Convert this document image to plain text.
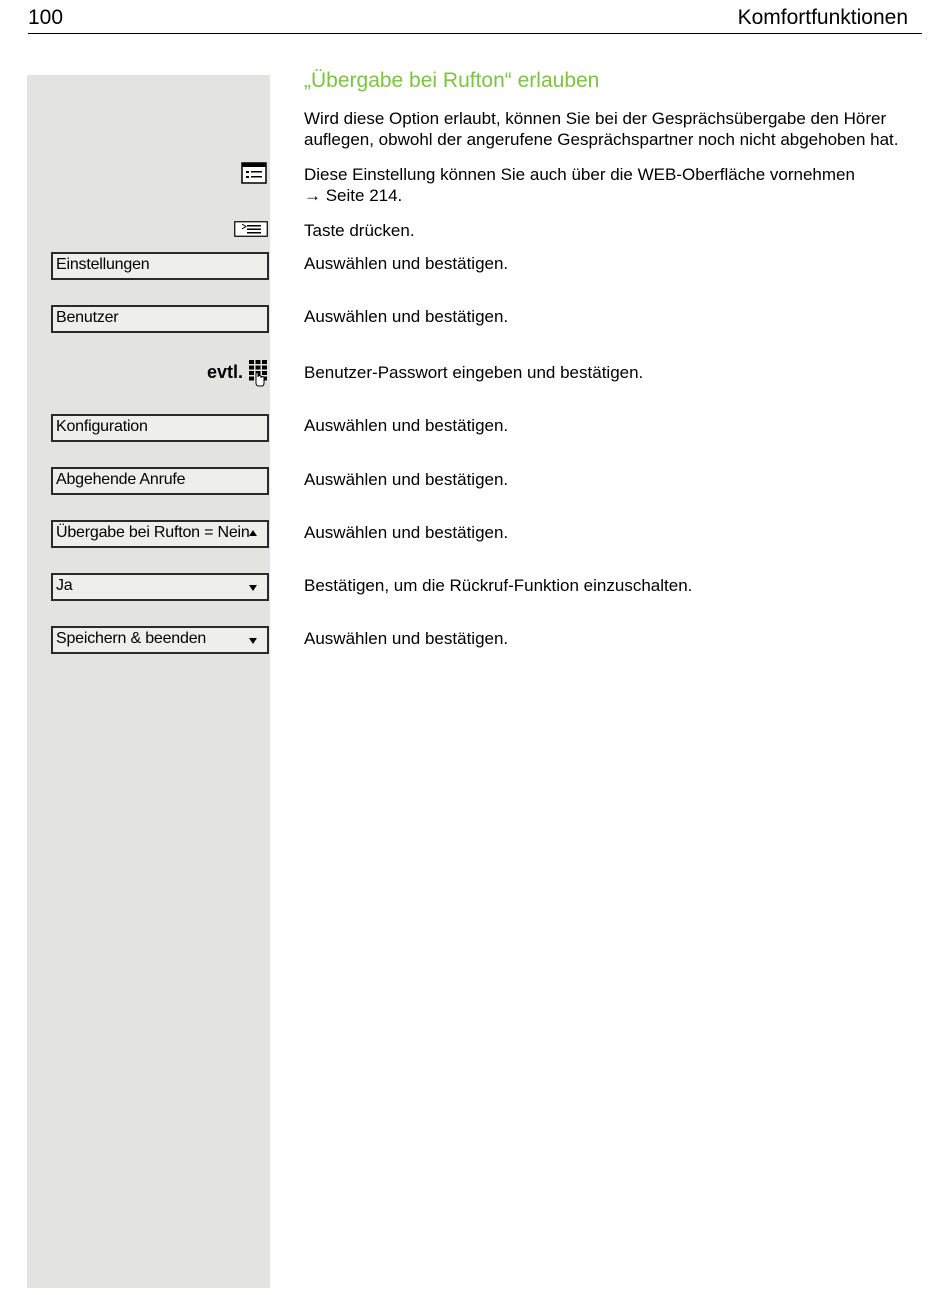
100	Komfortfunktionen
„Übergabe bei Rufton“ erlauben
Wird diese Option erlaubt, können Sie bei der Gesprächsübergabe den Hörer
auflegen, obwohl der angerufene Gesprächspartner noch nicht abgehoben hat.
Diese Einstellung können Sie auch über die WEB-Oberfläche vornehmen
→ Seite 214.
Taste drücken.
Einstellungen	Auswählen und bestätigen.
Benutzer	Auswählen und bestätigen.
evtl.	Benutzer-Passwort eingeben und bestätigen.
Konfiguration	Auswählen und bestätigen.
Abgehende Anrufe	Auswählen und bestätigen.
Übergabe bei Rufton = Nein	Auswählen und bestätigen.
Ja	Bestätigen, um die Rückruf-Funktion einzuschalten.
Speichern & beenden	Auswählen und bestätigen.
